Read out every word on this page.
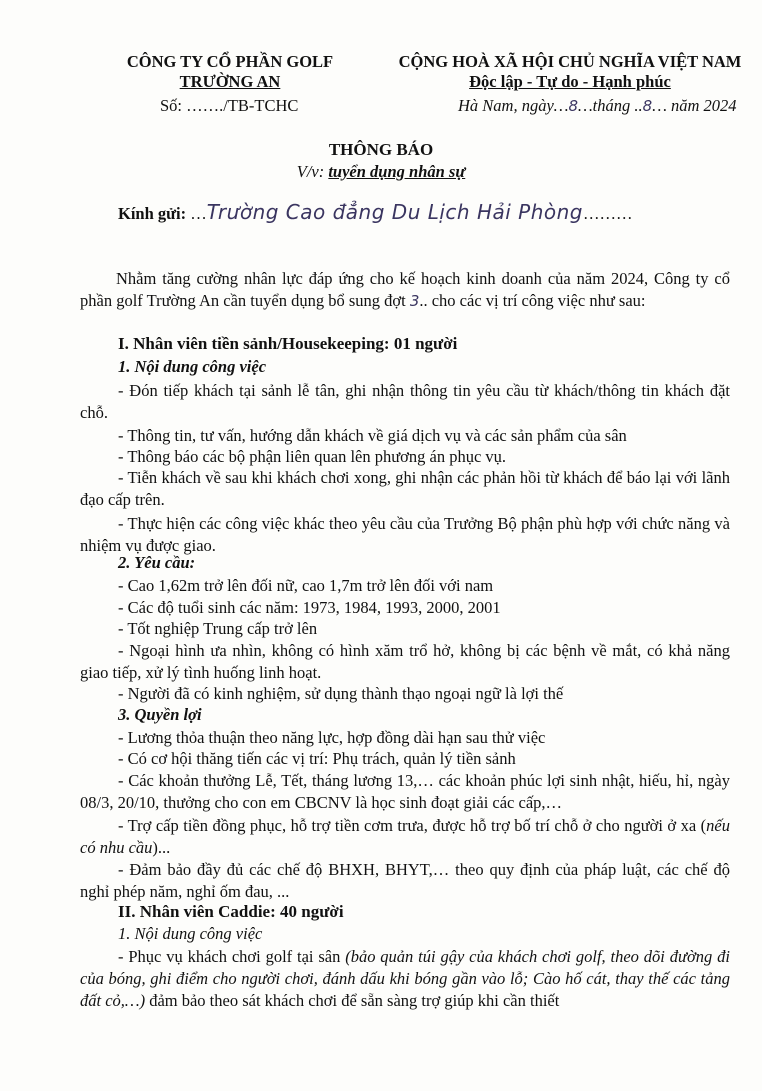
CÔNG TY CỔ PHẦN GOLF
TRƯỜNG AN
Số: ……./TB-TCHC
CỘNG HOÀ XÃ HỘI CHỦ NGHĨA VIỆT NAM
Độc lập - Tự do - Hạnh phúc
Hà Nam, ngày…8…tháng ..8… năm 2024
THÔNG BÁO
V/v: tuyển dụng nhân sự
Kính gửi: …Trường Cao đẳng Du Lịch Hải Phòng………
Nhằm tăng cường nhân lực đáp ứng cho kế hoạch kinh doanh của năm 2024, Công ty cổ phần golf Trường An cần tuyển dụng bổ sung đợt 3.. cho các vị trí công việc như sau:
I. Nhân viên tiền sảnh/Housekeeping: 01 người
1. Nội dung công việc
- Đón tiếp khách tại sảnh lễ tân, ghi nhận thông tin yêu cầu từ khách/thông tin khách đặt chỗ.
- Thông tin, tư vấn, hướng dẫn khách về giá dịch vụ và các sản phẩm của sân
- Thông báo các bộ phận liên quan lên phương án phục vụ.
- Tiễn khách về sau khi khách chơi xong, ghi nhận các phản hồi từ khách để báo lại với lãnh đạo cấp trên.
- Thực hiện các công việc khác theo yêu cầu của Trưởng Bộ phận phù hợp với chức năng và nhiệm vụ được giao.
2. Yêu cầu:
- Cao 1,62m trở lên đối nữ, cao 1,7m trở lên đối với nam
- Các độ tuổi sinh các năm: 1973, 1984, 1993, 2000, 2001
- Tốt nghiệp Trung cấp trở lên
- Ngoại hình ưa nhìn, không có hình xăm trổ hở, không bị các bệnh về mắt, có khả năng giao tiếp, xử lý tình huống linh hoạt.
- Người đã có kinh nghiệm, sử dụng thành thạo ngoại ngữ là lợi thế
3. Quyền lợi
- Lương thỏa thuận theo năng lực, hợp đồng dài hạn sau thử việc
- Có cơ hội thăng tiến các vị trí: Phụ trách, quản lý tiền sảnh
- Các khoản thưởng Lễ, Tết, tháng lương 13,… các khoản phúc lợi sinh nhật, hiếu, hỉ, ngày 08/3, 20/10, thưởng cho con em CBCNV là học sinh đoạt giải các cấp,…
- Trợ cấp tiền đồng phục, hỗ trợ tiền cơm trưa, được hỗ trợ bố trí chỗ ở cho người ở xa (nếu có nhu cầu)...
- Đảm bảo đầy đủ các chế độ BHXH, BHYT,… theo quy định của pháp luật, các chế độ nghỉ phép năm, nghỉ ốm đau, ...
II. Nhân viên Caddie: 40 người
1. Nội dung công việc
- Phục vụ khách chơi golf tại sân (bảo quản túi gậy của khách chơi golf, theo dõi đường đi của bóng, ghi điểm cho người chơi, đánh dấu khi bóng gần vào lỗ; Cào hố cát, thay thế các tảng đất cỏ,…) đảm bảo theo sát khách chơi để sẵn sàng trợ giúp khi cần thiết
